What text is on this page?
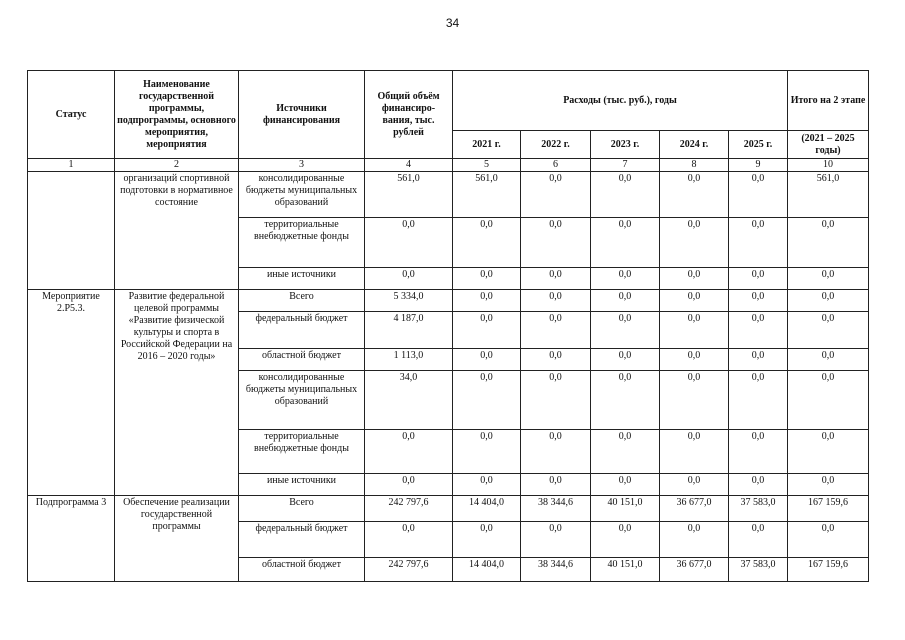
34
Статус	Наименование государственной программы, подпрограммы, основного мероприятия, мероприятия	Источники финансирования	Общий объём финансиро-вания, тыс. рублей	Расходы (тыс. руб.), годы					Итого на 2 этапе
				2021 г.	2022 г.	2023 г.	2024 г.	2025 г.	(2021 – 2025 годы)
1	2	3	4	5	6	7	8	9	10
	организаций спортивной подготовки в нормативное состояние	консолидированные бюджеты муниципальных образований	561,0	561,0	0,0	0,0	0,0	0,0	561,0
		территориальные внебюджетные фонды	0,0	0,0	0,0	0,0	0,0	0,0	0,0
		иные источники	0,0	0,0	0,0	0,0	0,0	0,0	0,0
Мероприятие 2.Р5.3.	Развитие федеральной целевой программы «Развитие физической культуры и спорта в Российской Федерации на 2016 – 2020 годы»	Всего	5 334,0	0,0	0,0	0,0	0,0	0,0	0,0
		федеральный бюджет	4 187,0	0,0	0,0	0,0	0,0	0,0	0,0
		областной бюджет	1 113,0	0,0	0,0	0,0	0,0	0,0	0,0
		консолидированные бюджеты муниципальных образований	34,0	0,0	0,0	0,0	0,0	0,0	0,0
		территориальные внебюджетные фонды	0,0	0,0	0,0	0,0	0,0	0,0	0,0
		иные источники	0,0	0,0	0,0	0,0	0,0	0,0	0,0
Подпрограмма 3	Обеспечение реализации государственной программы	Всего	242 797,6	14 404,0	38 344,6	40 151,0	36 677,0	37 583,0	167 159,6
		федеральный бюджет	0,0	0,0	0,0	0,0	0,0	0,0	0,0
		областной бюджет	242 797,6	14 404,0	38 344,6	40 151,0	36 677,0	37 583,0	167 159,6
